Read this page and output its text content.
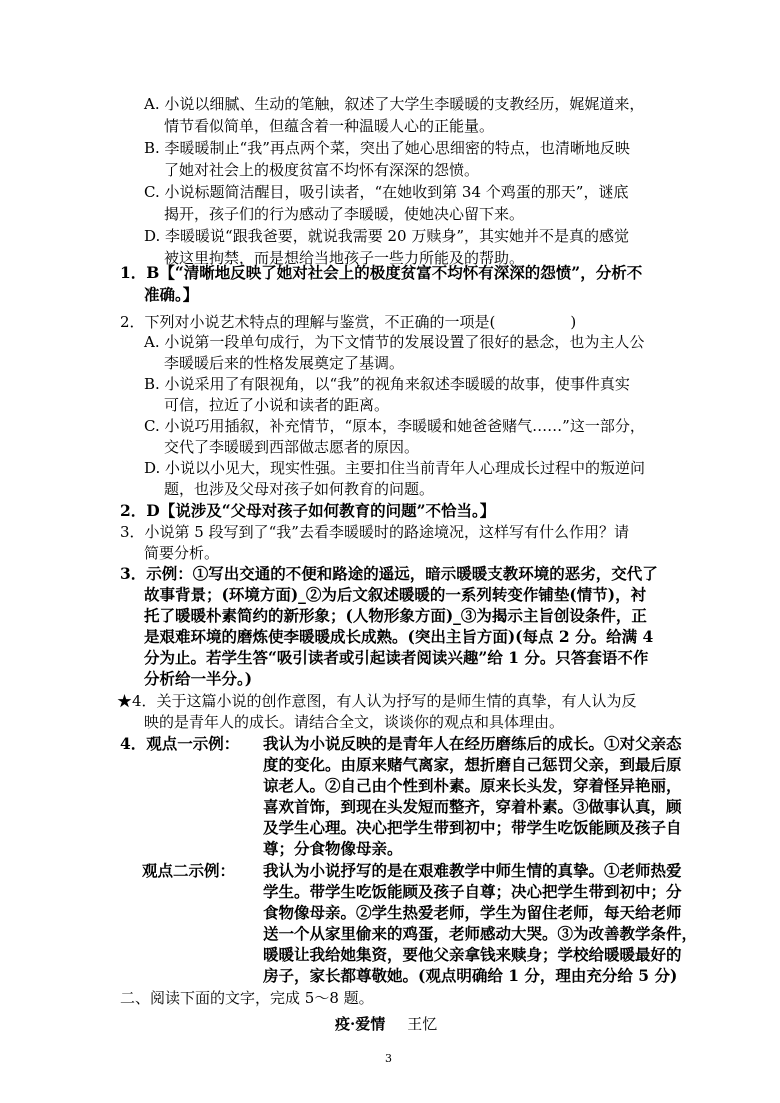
A. 小说以细腻、生动的笔触，叙述了大学生李暖暖的支教经历，娓娓道来，
情节看似简单，但蕴含着一种温暖人心的正能量。
B. 李暖暖制止“我”再点两个菜，突出了她心思细密的特点，也清晰地反映
了她对社会上的极度贫富不均怀有深深的怨愤。
C. 小说标题简洁醒目，吸引读者，“在她收到第 34 个鸡蛋的那天”，谜底
揭开，孩子们的行为感动了李暖暖，使她决心留下来。
D. 李暖暖说“跟我爸要，就说我需要 20 万赎身”，其实她并不是真的感觉
被这里拘禁，而是想给当地孩子一些力所能及的帮助。
1．B【“清晰地反映了她对社会上的极度贫富不均怀有深深的怨愤”，分析不
准确。】
2．下列对小说艺术特点的理解与鉴赏，不正确的一项是(　　　　　)
A. 小说第一段单句成行，为下文情节的发展设置了很好的悬念，也为主人公
李暖暖后来的性格发展奠定了基调。
B. 小说采用了有限视角，以“我”的视角来叙述李暖暖的故事，使事件真实
可信，拉近了小说和读者的距离。
C. 小说巧用插叙，补充情节，“原本，李暖暖和她爸爸赌气……”这一部分，
交代了李暖暖到西部做志愿者的原因。
D. 小说以小见大，现实性强。主要扣住当前青年人心理成长过程中的叛逆问
题，也涉及父母对孩子如何教育的问题。
2．D【说涉及“父母对孩子如何教育的问题”不恰当。】
3．小说第 5 段写到了“我”去看李暖暖时的路途境况，这样写有什么作用？请
简要分析。
3．示例：①写出交通的不便和路途的遥远，暗示暖暖支教环境的恶劣，交代了
故事背景；(环境方面)_②为后文叙述暖暖的一系列转变作铺垫(情节)，衬
托了暖暖朴素简约的新形象；(人物形象方面)_③为揭示主旨创设条件，正
是艰难环境的磨炼使李暖暖成长成熟。(突出主旨方面)(每点 2 分。给满 4
分为止。若学生答“吸引读者或引起读者阅读兴趣”给 1 分。只答套语不作
分析给一半分。)
★4．关于这篇小说的创作意图，有人认为抒写的是师生情的真挚，有人认为反
映的是青年人的成长。请结合全文，谈谈你的观点和具体理由。
4．观点一示例： 我认为小说反映的是青年人在经历磨练后的成长。①对父亲态
度的变化。由原来赌气离家，想折磨自己惩罚父亲，到最后原
谅老人。②自己由个性到朴素。原来长头发，穿着怪异艳丽，
喜欢首饰，到现在头发短而整齐，穿着朴素。③做事认真，顾
及学生心理。决心把学生带到初中；带学生吃饭能顾及孩子自
尊；分食物像母亲。
观点二示例： 我认为小说抒写的是在艰难教学中师生情的真挚。①老师热爱
学生。带学生吃饭能顾及孩子自尊；决心把学生带到初中；分
食物像母亲。②学生热爱老师，学生为留住老师，每天给老师
送一个从家里偷来的鸡蛋，老师感动大哭。③为改善教学条件，
暖暖让我给她集资，要他父亲拿钱来赎身；学校给暖暖最好的
房子，家长都尊敬她。(观点明确给 1 分，理由充分给 5 分)
二、阅读下面的文字，完成 5～8 题。
疫·爱情 王忆
3
